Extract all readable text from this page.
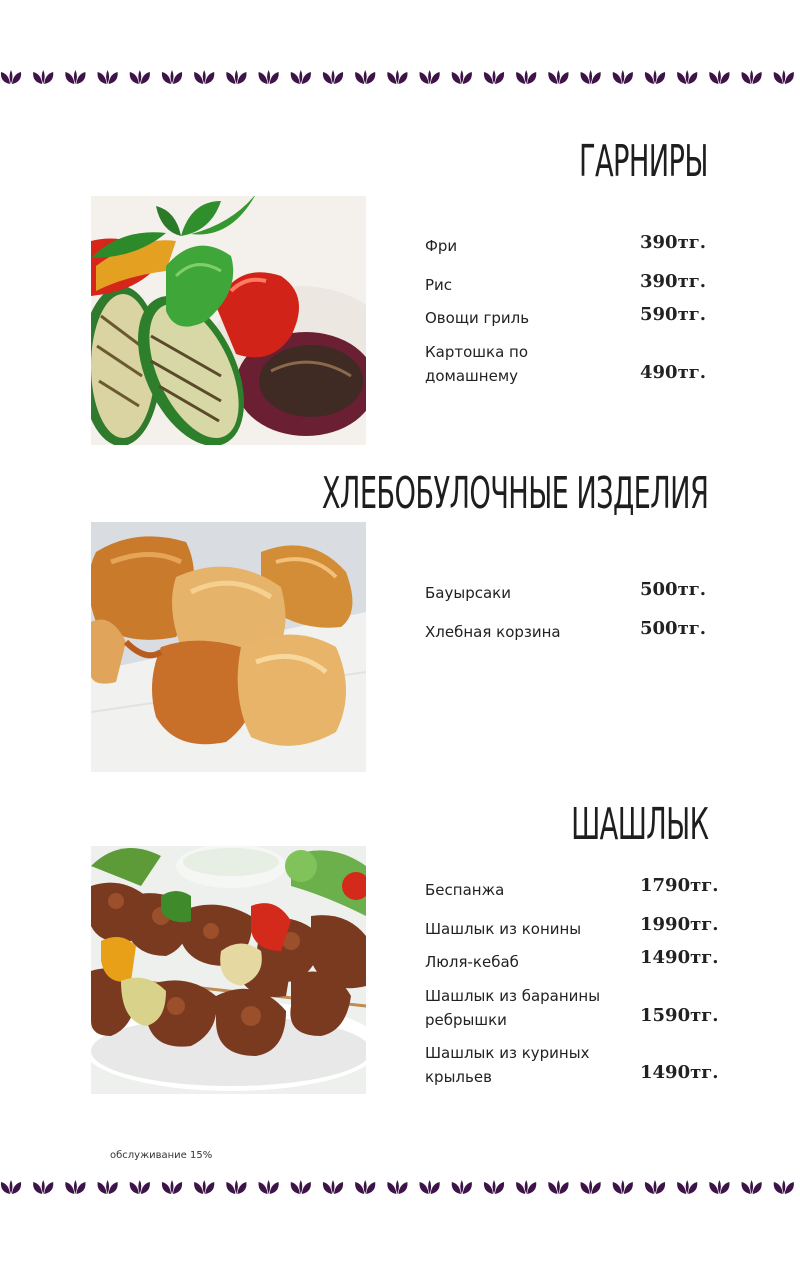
ГАРНИРЫ
Фри	390тг.
Рис	390тг.
Овощи гриль	590тг.
Картошка по домашнему	490тг.
ХЛЕБОБУЛОЧНЫЕ ИЗДЕЛИЯ
Бауырсаки	500тг.
Хлебная корзина	500тг.
ШАШЛЫК
Беспанжа	1790тг.
Шашлык из конины	1990тг.
Люля-кебаб	1490тг.
Шашлык из баранины ребрышки	1590тг.
Шашлык из куриных крыльев	1490тг.
обслуживание 15%
